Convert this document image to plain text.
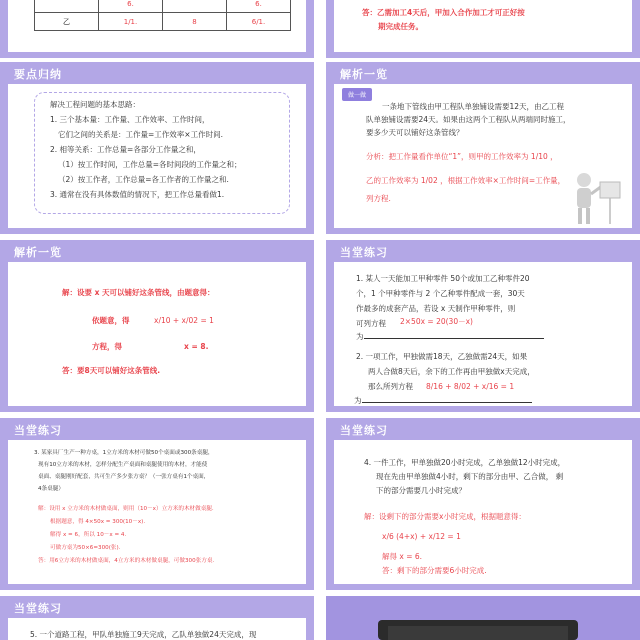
	6.		6.
乙	1/1.	8	6/1.
答：乙需加工4天后，甲加入合作加工才可正好按
期完成任务。
要点归纳
解决工程问题的基本思路：
1. 三个基本量：工作量、工作效率、工作时间，
它们之间的关系是：工作量=工作效率×工作时间.
2. 相等关系：工作总量=各部分工作量之和，
（1）按工作时间，工作总量=各时间段的工作量之和；
（2）按工作者，工作总量=各工作者的工作量之和.
3. 通常在没有具体数值的情况下，把工作总量看做1.
解析一览
做一做
一条地下管线由甲工程队单独铺设需要12天，由乙工程
队单独铺设需要24天。如果由这两个工程队从两端同时施工，
要多少天可以铺好这条管线？
分析：把工作量看作单位“1”，则甲的工作效率为 1/10 ，
乙的工作效率为 1/02 ，根据工作效率×工作时间=工作量，
列方程.
解析一览
解：设要 x 天可以铺好这条管线，由题意得：
依题意，得	x/10 + x/02 = 1
方程，得	x = 8.
答：要8天可以铺好这条管线.
当堂练习
1. 某人一天能加工甲种零件 50个或加工乙种零件20
个，1 个甲种零件与 2 个乙种零件配成一套，30天
作最多的成套产品，若设 x 天制作甲种零件，则
可列方程 2×50x = 20(30－x)
为
2. 一项工作，甲独做需18天，乙独做需24天，如果
两人合做8天后，余下的工作再由甲独做x天完成，
那么所列方程 8/16 + 8/02 + x/16 = 1
为
当堂练习
3. 某家具厂生产一种方桌，1立方米的木材可做50个桌面或300条桌腿，
现有10立方米的木材，怎样分配生产桌面和桌腿使用的木材，才能使
桌面、桌腿刚好配套，共可生产多少张方桌？（一张方桌有1个桌面，
4条桌腿）
解：设用 x 立方米的木材做桌面，则用（10－x）立方米的木材做桌腿.
根据题意，得 4×50x = 300(10－x).
解得 x = 6，所以 10－x = 4.
可做方桌为50×6=300(张).
答：用6立方米的木材做桌面，4立方米的木材做桌腿，可做300张方桌.
当堂练习
4. 一件工作，甲单独做20小时完成，乙单独做12小时完成，
现在先由甲单独做4小时，剩下的部分由甲、乙合做， 剩
下的部分需要几小时完成？
解：设剩下的部分需要x小时完成，根据题意得：
x/6 (4+x) + x/12 = 1
解得 x = 6.
答：剩下的部分需要6小时完成.
当堂练习
5. 一个道路工程，甲队单独施工9天完成，乙队单独做24天完成，现
